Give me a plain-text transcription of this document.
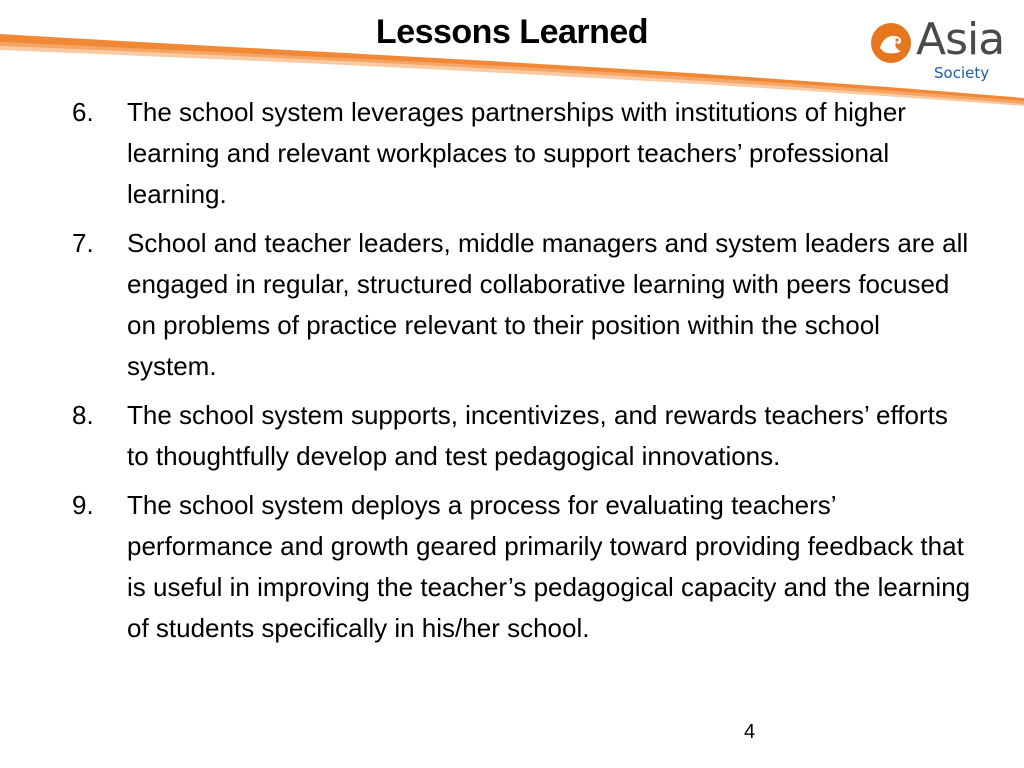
Lessons Learned	Asia
Society
6. The school system leverages partnerships with institutions of higher learning and relevant workplaces to support teachers’ professional learning.
7. School and teacher leaders, middle managers and system leaders are all engaged in regular, structured collaborative learning with peers focused on problems of practice relevant to their position within the school system.
8. The school system supports, incentivizes, and rewards teachers’ efforts to thoughtfully develop and test pedagogical innovations.
9. The school system deploys a process for evaluating teachers’ performance and growth geared primarily toward providing feedback that is useful in improving the teacher’s pedagogical capacity and the learning of students specifically in his/her school.
4
